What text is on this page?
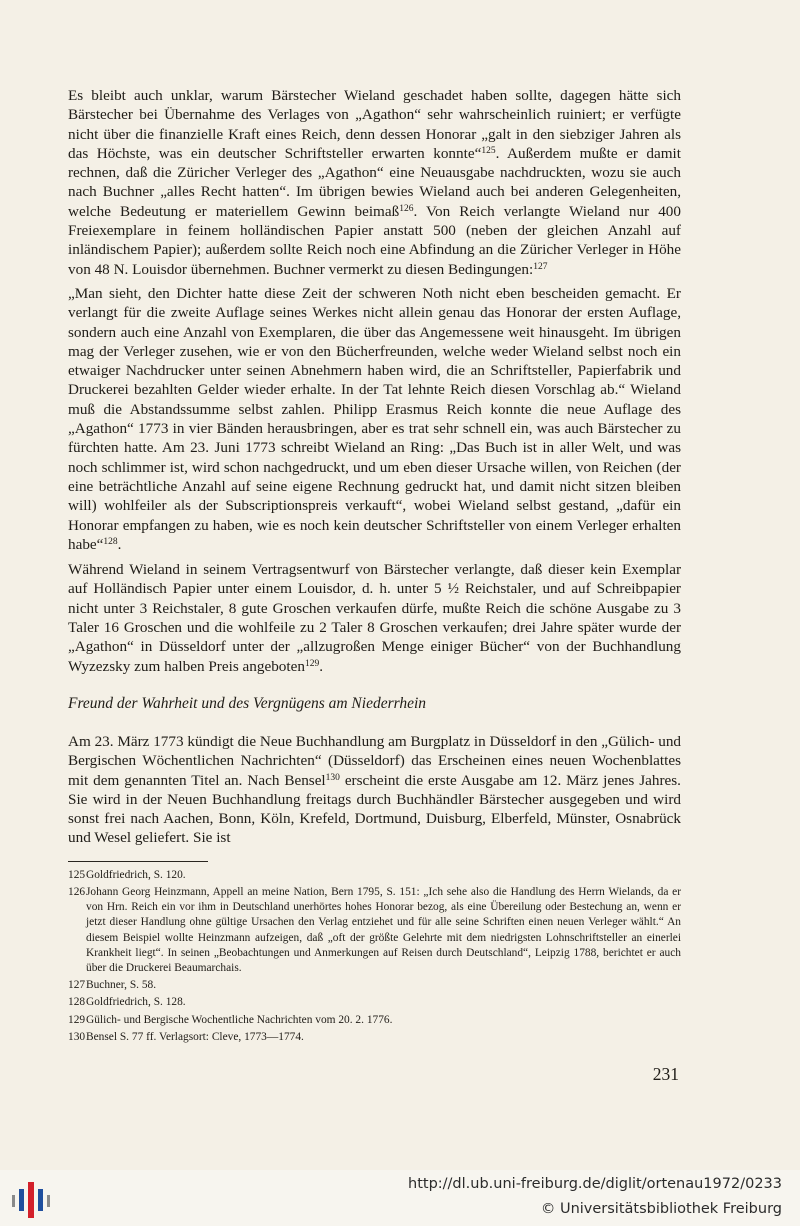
Es bleibt auch unklar, warum Bärstecher Wieland geschadet haben sollte, dagegen hätte sich Bärstecher bei Übernahme des Verlages von „Agathon“ sehr wahrscheinlich ruiniert; er verfügte nicht über die finanzielle Kraft eines Reich, denn dessen Honorar „galt in den siebziger Jahren als das Höchste, was ein deutscher Schriftsteller erwarten konnte“$^{125}$. Außerdem mußte er damit rechnen, daß die Züricher Verleger des „Agathon“ eine Neuausgabe nachdruckten, wozu sie auch nach Buchner „alles Recht hatten“. Im übrigen bewies Wieland auch bei anderen Gelegenheiten, welche Bedeutung er materiellem Gewinn beimaß$^{126}$. Von Reich verlangte Wieland nur 400 Freiexemplare in feinem holländischen Papier anstatt 500 (neben der gleichen Anzahl auf inländischem Papier); außerdem sollte Reich noch eine Abfindung an die Züricher Verleger in Höhe von 48 N. Louisdor übernehmen. Buchner vermerkt zu diesen Bedingungen:$^{127}$

„Man sieht, den Dichter hatte diese Zeit der schweren Noth nicht eben bescheiden gemacht. Er verlangt für die zweite Auflage seines Werkes nicht allein genau das Honorar der ersten Auflage, sondern auch eine Anzahl von Exemplaren, die über das Angemessene weit hinausgeht. Im übrigen mag der Verleger zusehen, wie er von den Bücherfreunden, welche weder Wieland selbst noch ein etwaiger Nachdrucker unter seinen Abnehmern haben wird, die an Schriftsteller, Papierfabrik und Druckerei bezahlten Gelder wieder erhalte. In der Tat lehnte Reich diesen Vorschlag ab.“ Wieland muß die Abstandssumme selbst zahlen. Philipp Erasmus Reich konnte die neue Auflage des „Agathon“ 1773 in vier Bänden herausbringen, aber es trat sehr schnell ein, was auch Bärstecher zu fürchten hatte. Am 23. Juni 1773 schreibt Wieland an Ring: „Das Buch ist in aller Welt, und was noch schlimmer ist, wird schon nachgedruckt, und um eben dieser Ursache willen, von Reichen (der eine beträchtliche Anzahl auf seine eigene Rechnung gedruckt hat, und damit nicht sitzen bleiben will) wohlfeiler als der Subscriptionspreis verkauft“, wobei Wieland selbst gestand, „dafür ein Honorar empfangen zu haben, wie es noch kein deutscher Schriftsteller von einem Verleger erhalten habe“$^{128}$.

Während Wieland in seinem Vertragsentwurf von Bärstecher verlangte, daß dieser kein Exemplar auf Holländisch Papier unter einem Louisdor, d. h. unter 5 ½ Reichstaler, und auf Schreibpapier nicht unter 3 Reichstaler, 8 gute Groschen verkaufen dürfe, mußte Reich die schöne Ausgabe zu 3 Taler 16 Groschen und die wohlfeile zu 2 Taler 8 Groschen verkaufen; drei Jahre später wurde der „Agathon“ in Düsseldorf unter der „allzugroßen Menge einiger Bücher“ von der Buchhandlung Wyzezsky zum halben Preis angeboten$^{129}$.

Freund der Wahrheit und des Vergnügens am Niederrhein

Am 23. März 1773 kündigt die Neue Buchhandlung am Burgplatz in Düsseldorf in den „Gülich- und Bergischen Wöchentlichen Nachrichten“ (Düsseldorf) das Erscheinen eines neuen Wochenblattes mit dem genannten Titel an. Nach Bensel$^{130}$ erscheint die erste Ausgabe am 12. März jenes Jahres. Sie wird in der Neuen Buchhandlung freitags durch Buchhändler Bärstecher ausgegeben und wird sonst frei nach Aachen, Bonn, Köln, Krefeld, Dortmund, Duisburg, Elberfeld, Münster, Osnabrück und Wesel geliefert. Sie ist

125 Goldfriedrich, S. 120.
126 Johann Georg Heinzmann, Appell an meine Nation, Bern 1795, S. 151: „Ich sehe also die Handlung des Herrn Wielands, da er von Hrn. Reich ein vor ihm in Deutschland unerhörtes hohes Honorar bezog, als eine Übereilung oder Bestechung an, wenn er jetzt dieser Handlung ohne gültige Ursachen den Verlag entziehet und für alle seine Schriften einen neuen Verleger wählt.“ An diesem Beispiel wollte Heinzmann aufzeigen, daß „oft der größte Gelehrte mit dem niedrigsten Lohnschriftsteller an einerlei Krankheit liegt“. In seinen „Beobachtungen und Anmerkungen auf Reisen durch Deutschland“, Leipzig 1788, berichtet er auch über die Druckerei Beaumarchais.
127 Buchner, S. 58.
128 Goldfriedrich, S. 128.
129 Gülich- und Bergische Wochentliche Nachrichten vom 20. 2. 1776.
130 Bensel S. 77 ff. Verlagsort: Cleve, 1773—1774.
231
http://dl.ub.uni-freiburg.de/diglit/ortenau1972/0233
© Universitätsbibliothek Freiburg
